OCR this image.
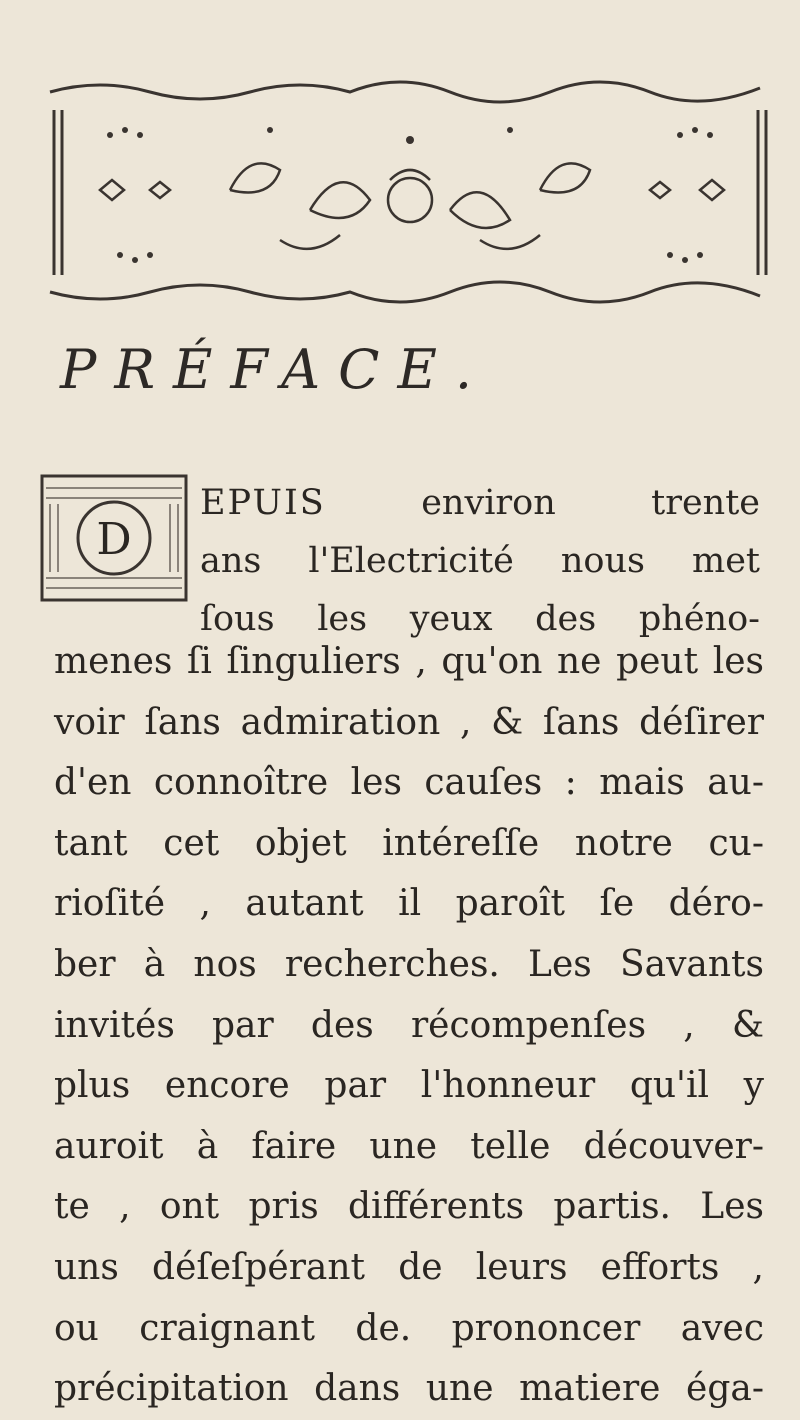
PRÉFACE.
D
EPUIS	environ trente
ans l'Electricité nous met
ſous les yeux des phéno-
menes ſi ſinguliers , qu'on ne peut les
voir ſans admiration , & ſans déſirer
d'en connoître les cauſes : mais au-
tant cet objet intéreſſe notre cu-
rioſité , autant il paroît ſe déro-
ber à nos recherches. Les Savants
invités par des récompenſes , &
plus encore par l'honneur qu'il y
auroit à faire une telle découver-
te , ont pris différents partis. Les
uns déſeſpérant de leurs efforts ,
ou craignant de. prononcer avec
précipitation dans une matiere éga-
